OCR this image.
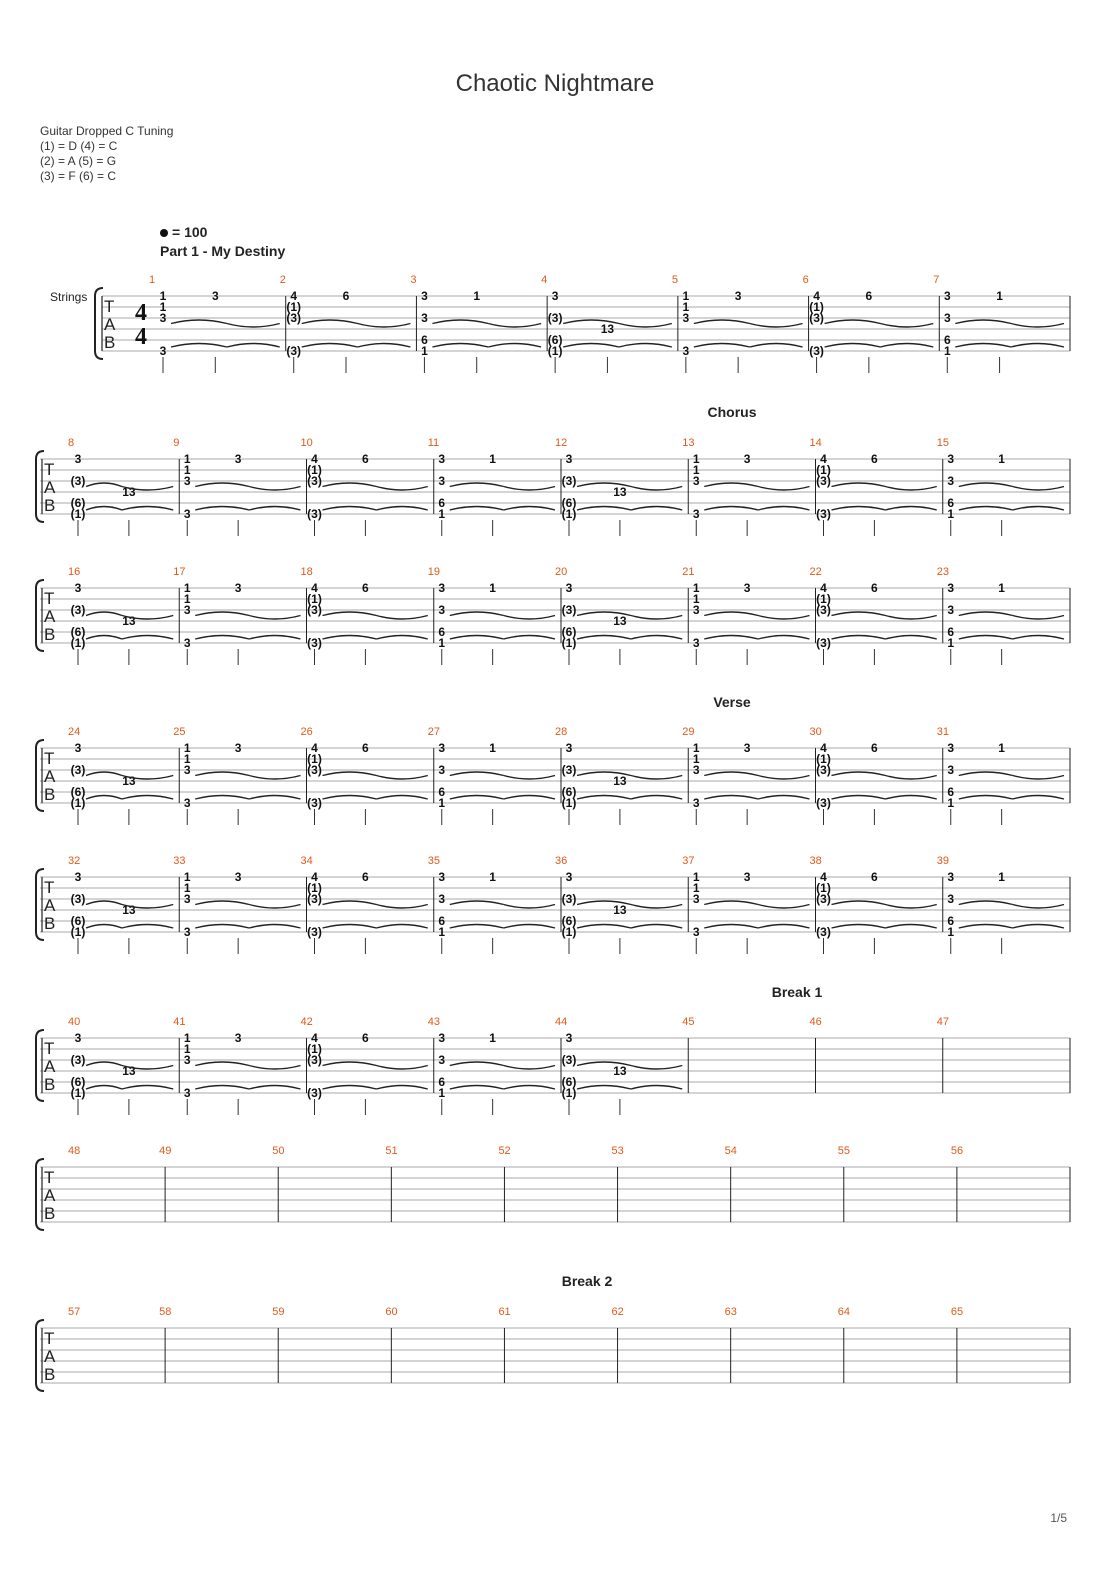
Chaotic Nightmare
Guitar Dropped C Tuning
(1) = D (4) = C
(2) = A (5) = G
(3) = F (6) = C
= 100
Part 1 - My Destiny
Strings
Chorus
Verse
Break 1
Break 2
T
A
B
4
4
1
1	3
1
3
3
2
4	6
(1)
(3)
(3)
3
3	1
3
6
1
4
3
(3)
13
(6)
(1)
5
1	3
1
3
3
6
4	6
(1)
(3)
(3)
7
3	1
3
6
1
T
A
B
8
3
(3)
13
(6)
(1)
9
1	3
1
3
3
10
4	6
(1)
(3)
(3)
11
3	1
3
6
1
12
3
(3)
13
(6)
(1)
13
1	3
1
3
3
14
4	6
(1)
(3)
(3)
15
3	1
3
6
1
T
A
B
16
3
(3)
13
(6)
(1)
17
1	3
1
3
3
18
4	6
(1)
(3)
(3)
19
3	1
3
6
1
20
3
(3)
13
(6)
(1)
21
1	3
1
3
3
22
4	6
(1)
(3)
(3)
23
3	1
3
6
1
T
A
B
24
3
(3)
13
(6)
(1)
25
1	3
1
3
3
26
4	6
(1)
(3)
(3)
27
3	1
3
6
1
28
3
(3)
13
(6)
(1)
29
1	3
1
3
3
30
4	6
(1)
(3)
(3)
31
3	1
3
6
1
T
A
B
32
3
(3)
13
(6)
(1)
33
1	3
1
3
3
34
4	6
(1)
(3)
(3)
35
3	1
3
6
1
36
3
(3)
13
(6)
(1)
37
1	3
1
3
3
38
4	6
(1)
(3)
(3)
39
3	1
3
6
1
T
A
B
40
3
(3)
13
(6)
(1)
41
1	3
1
3
3
42
4	6
(1)
(3)
(3)
43
3	1
3
6
1
44
3
(3)
13
(6)
(1)
45	46	47
T
A
B
48	49	50	51	52	53	54	55	56
T
A
B
57	58	59	60	61	62	63	64	65
1/5
